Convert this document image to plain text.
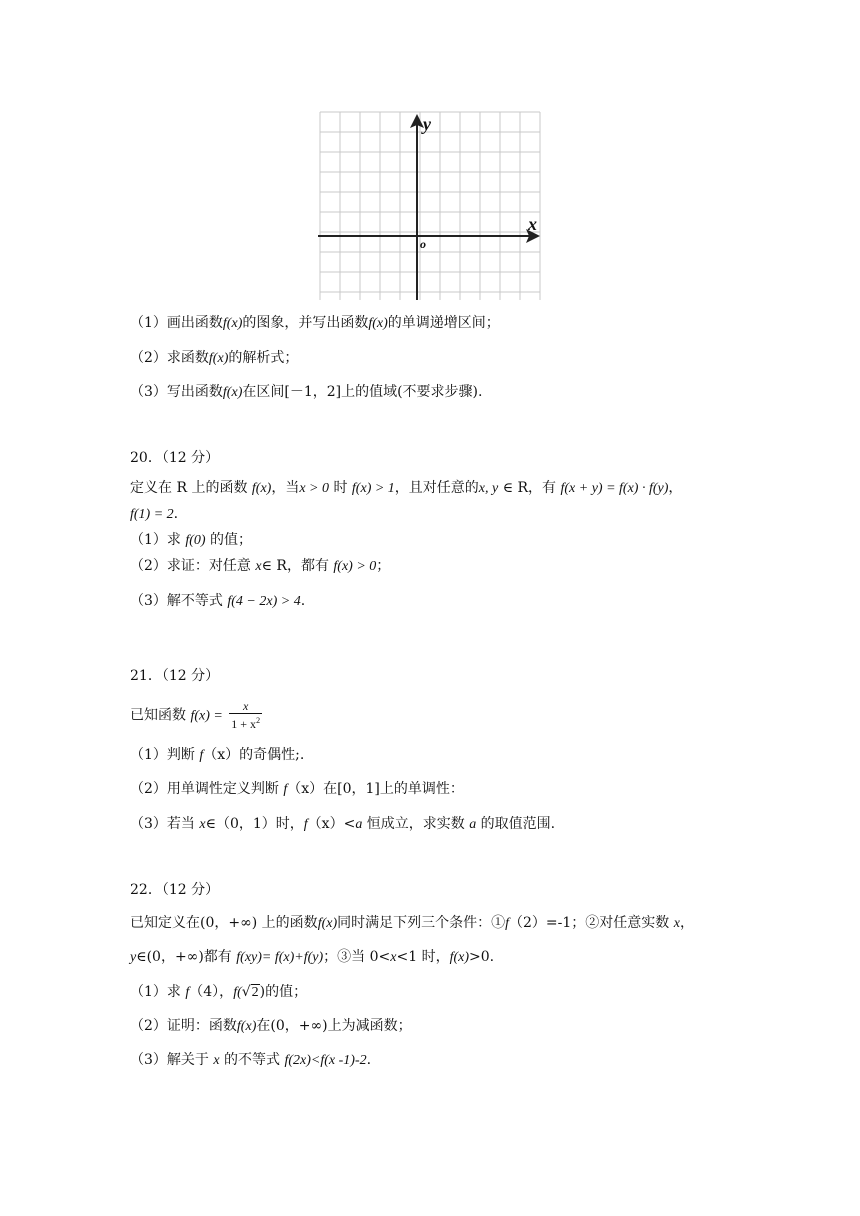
y
x
o
（1）画出函数f(x)的图象，并写出函数f(x)的单调递增区间；
（2）求函数f(x)的解析式；
（3）写出函数f(x)在区间[－1，2]上的值域(不要求步骤).
20．（12 分）
定义在 R 上的函数 f(x)，当x > 0 时 f(x) > 1，且对任意的x, y ∈ R，有 f(x + y) = f(x) · f(y)，
f(1) = 2.
（1）求 f(0) 的值；
（2）求证：对任意 x∈ R，都有 f(x) > 0；
（3）解不等式 f(4 − 2x) > 4.
21．（12 分）
已知函数 $f(x) = \frac{x}{1 + x^2}$
（1）判断 f（x）的奇偶性;.
（2）用单调性定义判断 f（x）在[0，1]上的单调性：
（3）若当 x∈（0，1）时，f（x）<a 恒成立，求实数 a 的取值范围.
22．（12 分）
已知定义在(0，+∞) 上的函数f(x)同时满足下列三个条件：①f（2）=-1；②对任意实数 x，
y∈(0，+∞)都有 f(xy)= f(x)+f(y)；③当 0<x<1 时，f(x)>0.
（1）求 f（4），f(√2)的值；
（2）证明：函数f(x)在(0，+∞)上为减函数；
（3）解关于 x 的不等式 f(2x)<f(x -1)-2.
